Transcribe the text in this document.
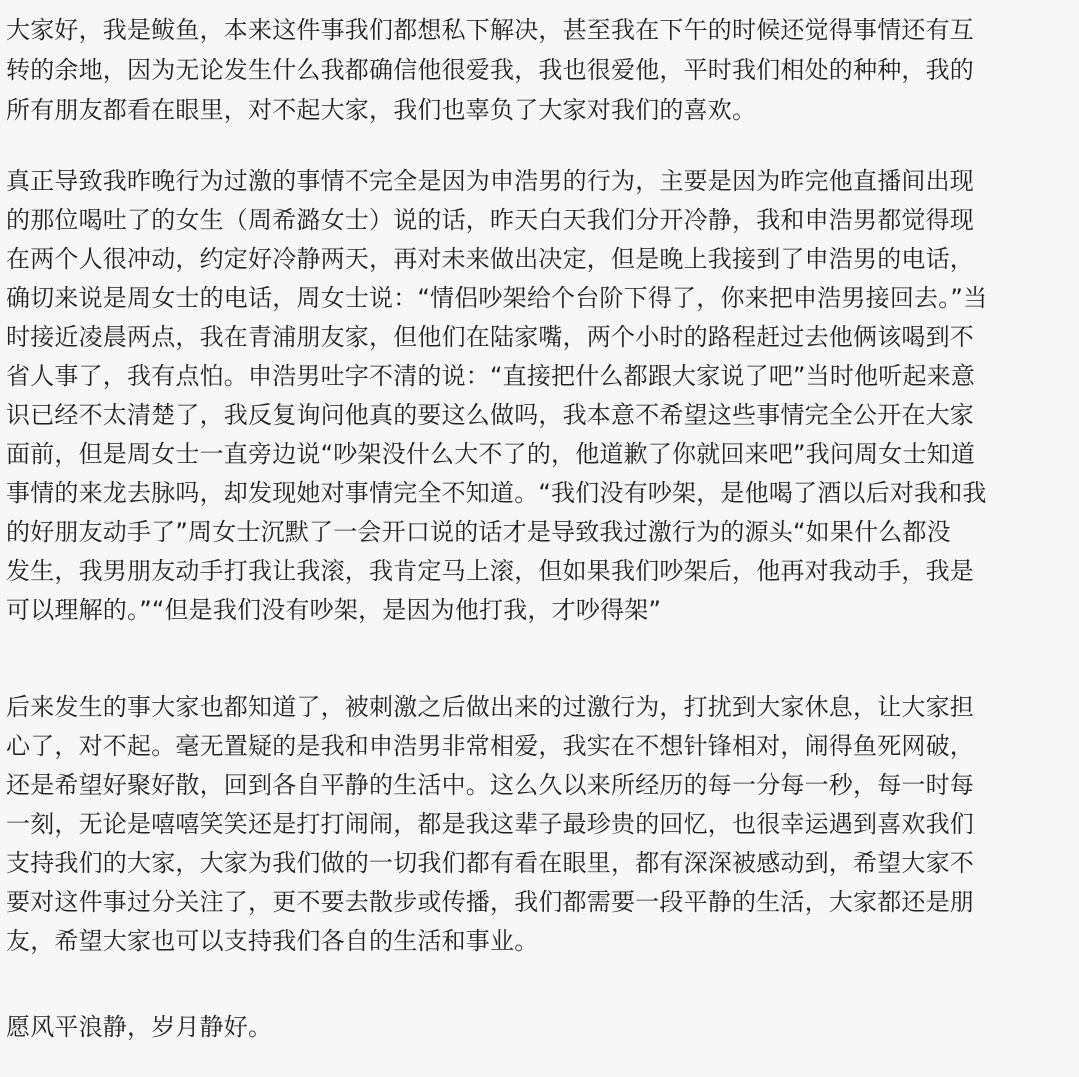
大家好，我是鲅鱼，本来这件事我们都想私下解决，甚至我在下午的时候还觉得事情还有互
转的余地，因为无论发生什么我都确信他很爱我，我也很爱他，平时我们相处的种种，我的
所有朋友都看在眼里，对不起大家，我们也辜负了大家对我们的喜欢。
真正导致我昨晚行为过激的事情不完全是因为申浩男的行为，主要是因为昨完他直播间出现
的那位喝吐了的女生（周希潞女士）说的话，昨天白天我们分开冷静，我和申浩男都觉得现
在两个人很冲动，约定好冷静两天，再对未来做出决定，但是晚上我接到了申浩男的电话，
确切来说是周女士的电话，周女士说：“情侣吵架给个台阶下得了，你来把申浩男接回去。”当
时接近凌晨两点，我在青浦朋友家，但他们在陆家嘴，两个小时的路程赶过去他俩该喝到不
省人事了，我有点怕。申浩男吐字不清的说：“直接把什么都跟大家说了吧”当时他听起来意
识已经不太清楚了，我反复询问他真的要这么做吗，我本意不希望这些事情完全公开在大家
面前，但是周女士一直旁边说“吵架没什么大不了的，他道歉了你就回来吧”我问周女士知道
事情的来龙去脉吗，却发现她对事情完全不知道。“我们没有吵架，是他喝了酒以后对我和我
的好朋友动手了”周女士沉默了一会开口说的话才是导致我过激行为的源头“如果什么都没
发生，我男朋友动手打我让我滚，我肯定马上滚，但如果我们吵架后，他再对我动手，我是
可以理解的。”“但是我们没有吵架，是因为他打我，才吵得架”
后来发生的事大家也都知道了，被刺激之后做出来的过激行为，打扰到大家休息，让大家担
心了，对不起。毫无置疑的是我和申浩男非常相爱，我实在不想针锋相对，闹得鱼死网破，
还是希望好聚好散，回到各自平静的生活中。这么久以来所经历的每一分每一秒，每一时每
一刻，无论是嘻嘻笑笑还是打打闹闹，都是我这辈子最珍贵的回忆，也很幸运遇到喜欢我们
支持我们的大家，大家为我们做的一切我们都有看在眼里，都有深深被感动到，希望大家不
要对这件事过分关注了，更不要去散步或传播，我们都需要一段平静的生活，大家都还是朋
友，希望大家也可以支持我们各自的生活和事业。
愿风平浪静，岁月静好。
